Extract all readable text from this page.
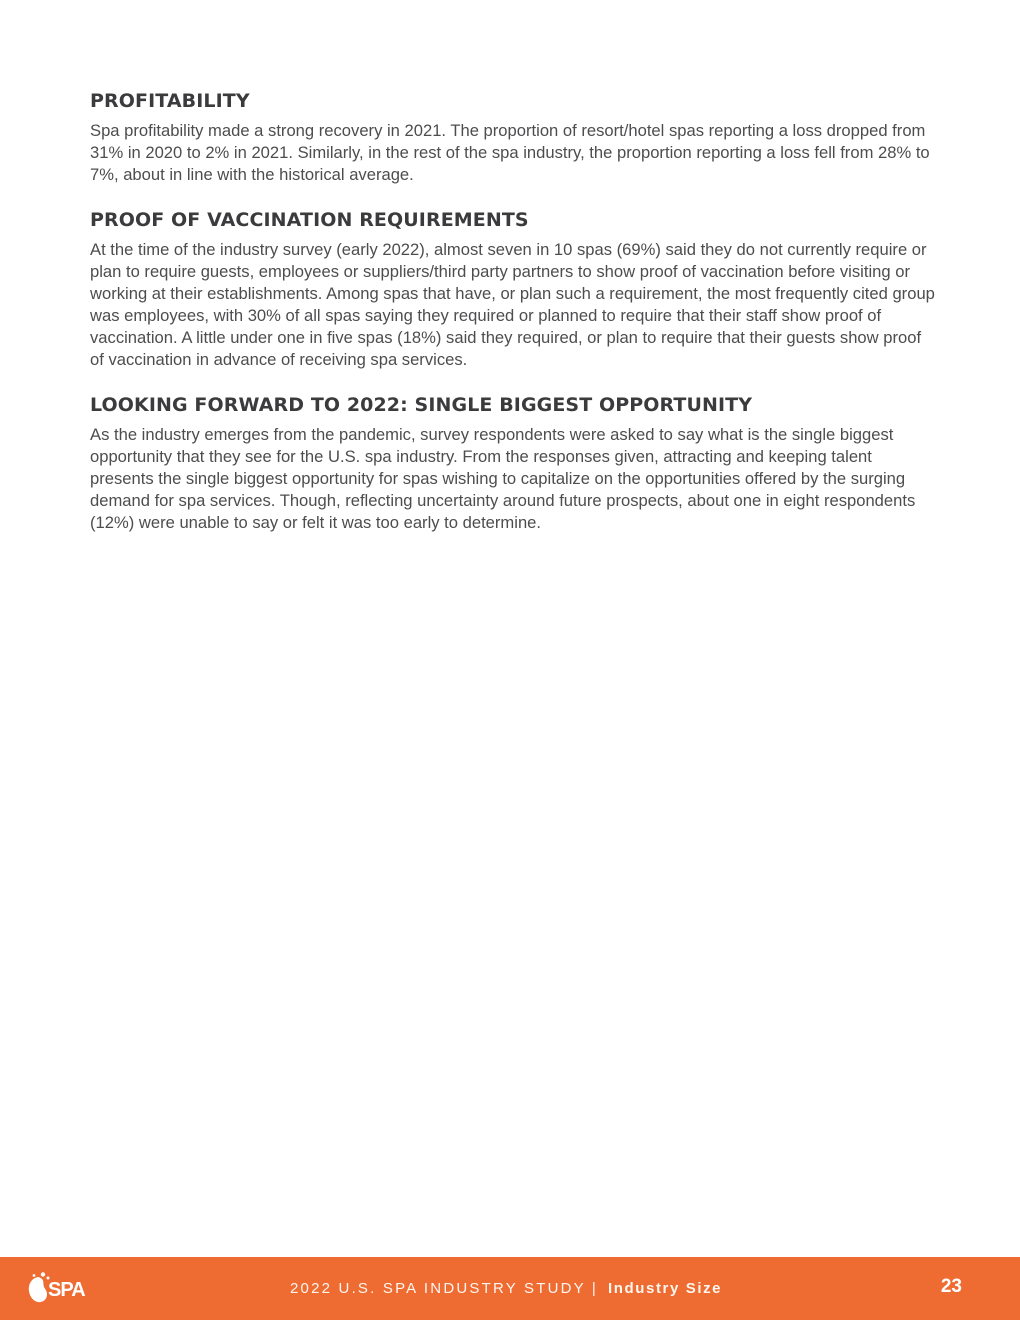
PROFITABILITY

Spa profitability made a strong recovery in 2021. The proportion of resort/hotel spas reporting a loss dropped from 31% in 2020 to 2% in 2021. Similarly, in the rest of the spa industry, the proportion reporting a loss fell from 28% to 7%, about in line with the historical average.

PROOF OF VACCINATION REQUIREMENTS

At the time of the industry survey (early 2022), almost seven in 10 spas (69%) said they do not currently require or plan to require guests, employees or suppliers/third party partners to show proof of vaccination before visiting or working at their establishments. Among spas that have, or plan such a requirement, the most frequently cited group was employees, with 30% of all spas saying they required or planned to require that their staff show proof of vaccination. A little under one in five spas (18%) said they required, or plan to require that their guests show proof of vaccination in advance of receiving spa services.

LOOKING FORWARD TO 2022: SINGLE BIGGEST OPPORTUNITY

As the industry emerges from the pandemic, survey respondents were asked to say what is the single biggest opportunity that they see for the U.S. spa industry. From the responses given, attracting and keeping talent presents the single biggest opportunity for spas wishing to capitalize on the opportunities offered by the surging demand for spa services. Though, reflecting uncertainty around future prospects, about one in eight respondents (12%) were unable to say or felt it was too early to determine.

SPA	2022 U.S. SPA INDUSTRY STUDY | Industry Size	23
